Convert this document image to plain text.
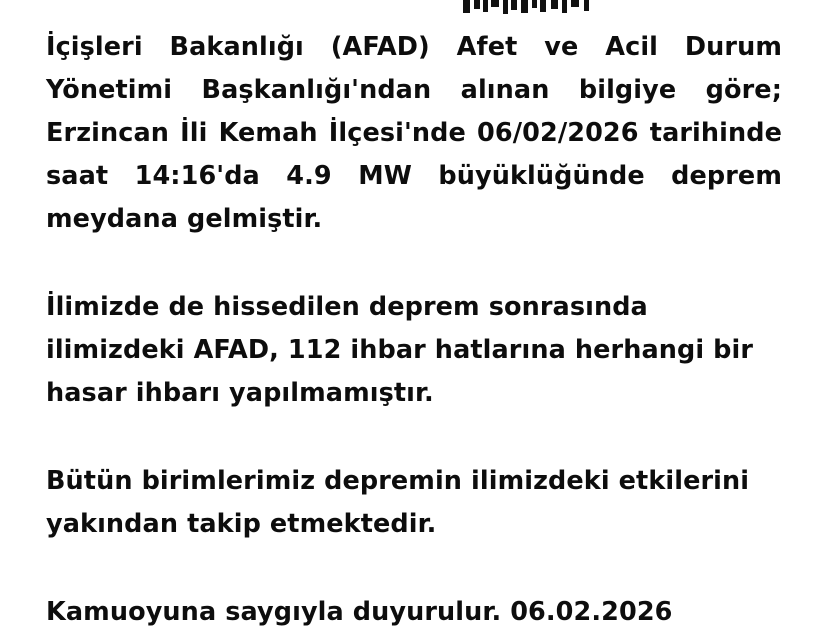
İçişleri Bakanlığı (AFAD) Afet ve Acil Durum Yönetimi Başkanlığı'ndan alınan bilgiye göre; Erzincan İli Kemah İlçesi'nde 06/02/2026 tarihinde saat 14:16'da 4.9 MW büyüklüğünde deprem meydana gelmiştir.

İlimizde de hissedilen deprem sonrasında ilimizdeki AFAD, 112 ihbar hatlarına herhangi bir hasar ihbarı yapılmamıştır.

Bütün birimlerimiz depremin ilimizdeki etkilerini yakından takip etmektedir.

Kamuoyuna saygıyla duyurulur. 06.02.2026
